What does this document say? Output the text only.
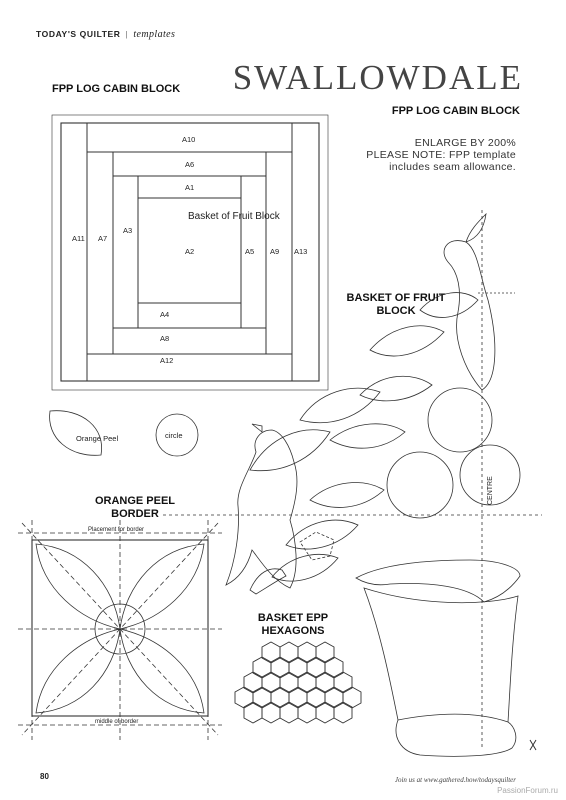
TODAY'S QUILTER | templates
SWALLOWDALE
FPP LOG CABIN BLOCK
FPP LOG CABIN BLOCK
ENLARGE BY 200%
PLEASE NOTE: FPP template
includes seam allowance.
BASKET OF FRUIT BLOCK
ORANGE PEEL BORDER
BASKET EPP HEXAGONS
A10
A6
A1
Basket of Fruit Block
A3
A11 A7
A2	A5 A9 A13
A4
A8
A12
Orange Peel	circle
Placement for border
middle of border
CENTRE
80	Join us at www.gathered.how/todaysquilter
PassionForum.ru
